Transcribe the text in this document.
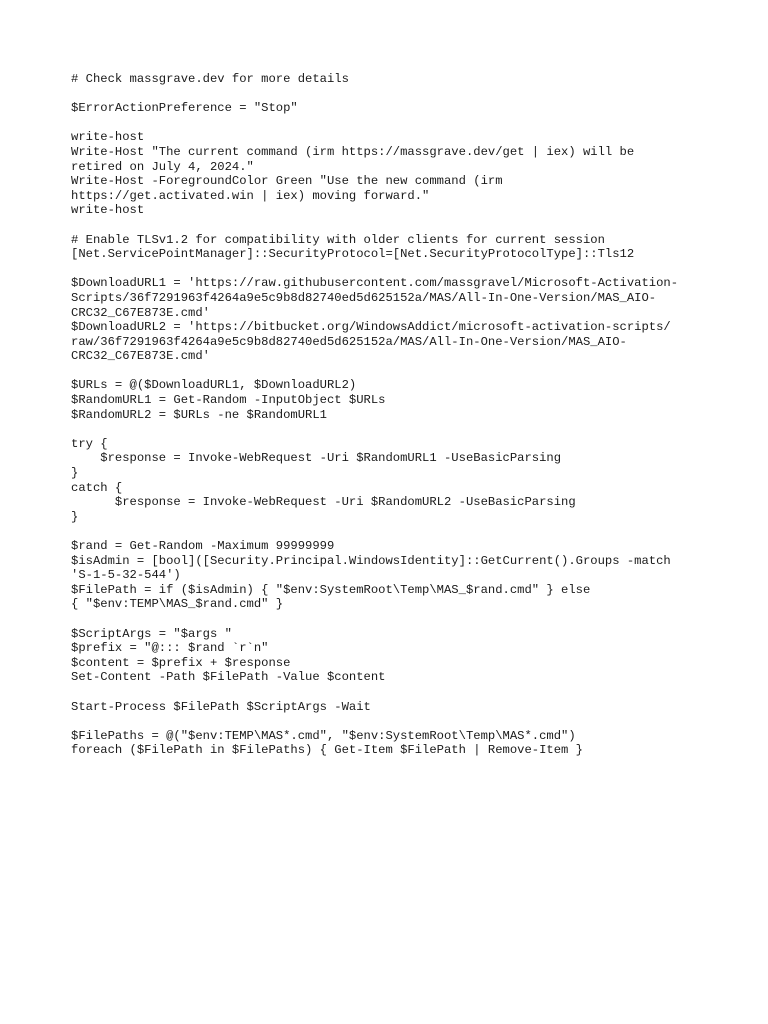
# Check massgrave.dev for more details
$ErrorActionPreference = "Stop"
write-host
Write-Host "The current command (irm https://massgrave.dev/get | iex) will be
retired on July 4, 2024."
Write-Host -ForegroundColor Green "Use the new command (irm
https://get.activated.win | iex) moving forward."
write-host
# Enable TLSv1.2 for compatibility with older clients for current session
[Net.ServicePointManager]::SecurityProtocol=[Net.SecurityProtocolType]::Tls12
$DownloadURL1 = 'https://raw.githubusercontent.com/massgravel/Microsoft-Activation-
Scripts/36f7291963f4264a9e5c9b8d82740ed5d625152a/MAS/All-In-One-Version/MAS_AIO-
CRC32_C67E873E.cmd'
$DownloadURL2 = 'https://bitbucket.org/WindowsAddict/microsoft-activation-scripts/
raw/36f7291963f4264a9e5c9b8d82740ed5d625152a/MAS/All-In-One-Version/MAS_AIO-
CRC32_C67E873E.cmd'
$URLs = @($DownloadURL1, $DownloadURL2)
$RandomURL1 = Get-Random -InputObject $URLs
$RandomURL2 = $URLs -ne $RandomURL1
try {
$response = Invoke-WebRequest -Uri $RandomURL1 -UseBasicParsing
}
catch {
$response = Invoke-WebRequest -Uri $RandomURL2 -UseBasicParsing
}
$rand = Get-Random -Maximum 99999999
$isAdmin = [bool]([Security.Principal.WindowsIdentity]::GetCurrent().Groups -match
'S-1-5-32-544')
$FilePath = if ($isAdmin) { "$env:SystemRoot\Temp\MAS_$rand.cmd" } else
{ "$env:TEMP\MAS_$rand.cmd" }
$ScriptArgs = "$args "
$prefix = "@::: $rand `r`n"
$content = $prefix + $response
Set-Content -Path $FilePath -Value $content
Start-Process $FilePath $ScriptArgs -Wait
$FilePaths = @("$env:TEMP\MAS*.cmd", "$env:SystemRoot\Temp\MAS*.cmd")
foreach ($FilePath in $FilePaths) { Get-Item $FilePath | Remove-Item }
